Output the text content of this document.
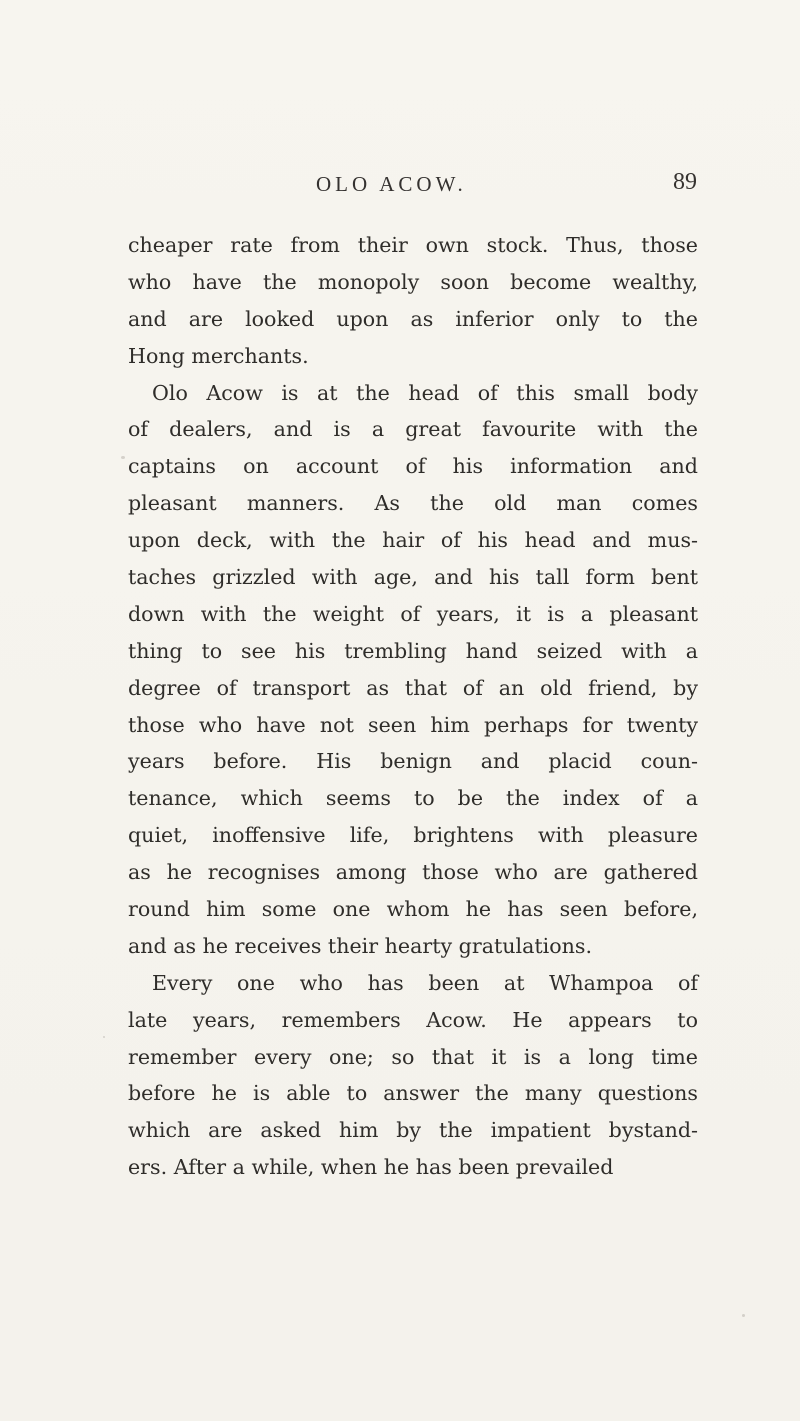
OLO ACOW.	89
cheaper rate from their own stock. Thus, those
who have the monopoly soon become wealthy,
and are looked upon as inferior only to the
Hong merchants.
Olo Acow is at the head of this small body
of dealers, and is a great favourite with the
captains on account of his information and
pleasant manners. As the old man comes
upon deck, with the hair of his head and mus-
taches grizzled with age, and his tall form bent
down with the weight of years, it is a pleasant
thing to see his trembling hand seized with a
degree of transport as that of an old friend, by
those who have not seen him perhaps for twenty
years before. His benign and placid coun-
tenance, which seems to be the index of a
quiet, inoffensive life, brightens with pleasure
as he recognises among those who are gathered
round him some one whom he has seen before,
and as he receives their hearty gratulations.
Every one who has been at Whampoa of
late years, remembers Acow. He appears to
remember every one; so that it is a long time
before he is able to answer the many questions
which are asked him by the impatient bystand-
ers. After a while, when he has been prevailed
